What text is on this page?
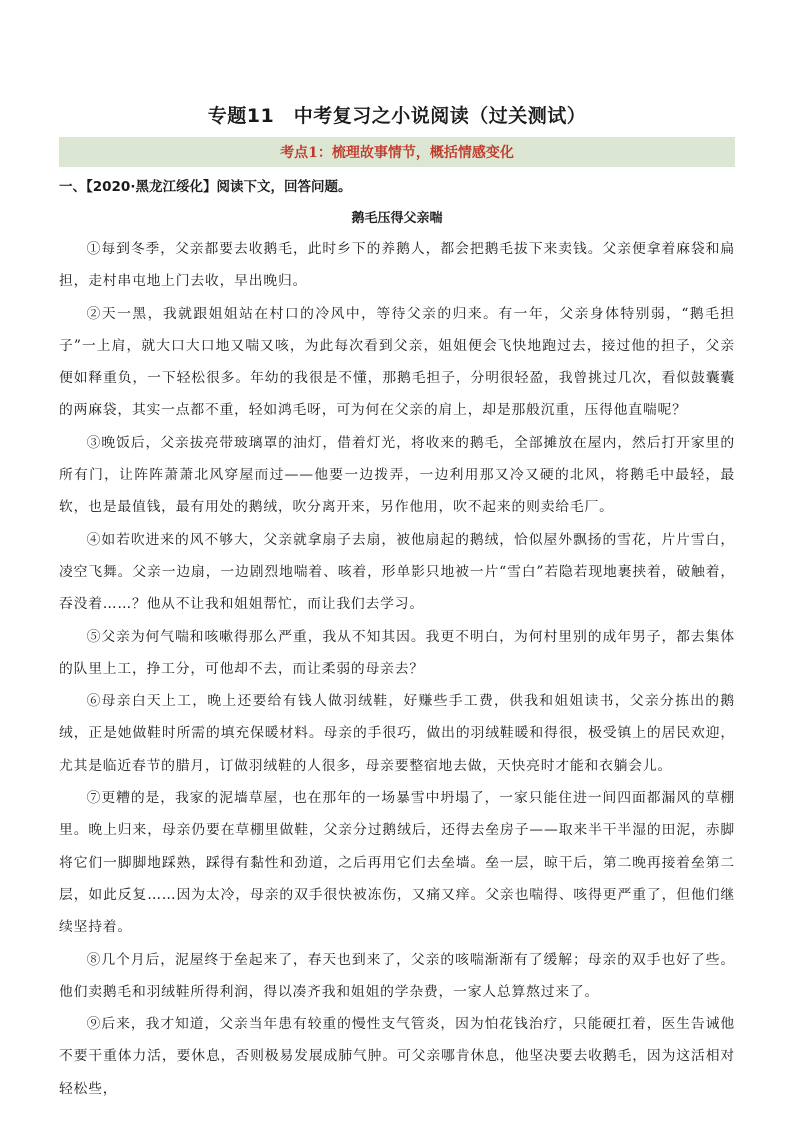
专题11　中考复习之小说阅读（过关测试）
考点1：梳理故事情节，概括情感变化
一、【2020·黑龙江绥化】阅读下文，回答问题。
鹅毛压得父亲喘

①每到冬季，父亲都要去收鹅毛，此时乡下的养鹅人，都会把鹅毛拔下来卖钱。父亲便拿着麻袋和扁担，走村串屯地上门去收，早出晚归。

②天一黑，我就跟姐姐站在村口的冷风中，等待父亲的归来。有一年，父亲身体特别弱，“鹅毛担子”一上肩，就大口大口地又喘又咳，为此每次看到父亲，姐姐便会飞快地跑过去，接过他的担子，父亲便如释重负，一下轻松很多。年幼的我很是不懂，那鹅毛担子，分明很轻盈，我曾挑过几次，看似鼓囊囊的两麻袋，其实一点都不重，轻如鸿毛呀，可为何在父亲的肩上，却是那般沉重，压得他直喘呢？

③晚饭后，父亲拔亮带玻璃罩的油灯，借着灯光，将收来的鹅毛，全部摊放在屋内，然后打开家里的所有门，让阵阵萧萧北风穿屋而过——他要一边拨弄，一边利用那又冷又硬的北风，将鹅毛中最轻，最软，也是最值钱，最有用处的鹅绒，吹分离开来，另作他用，吹不起来的则卖给毛厂。

④如若吹进来的风不够大，父亲就拿扇子去扇，被他扇起的鹅绒，恰似屋外飘扬的雪花，片片雪白，凌空飞舞。父亲一边扇，一边剧烈地喘着、咳着，形单影只地被一片“雪白”若隐若现地裹挟着，破触着，吞没着……？他从不让我和姐姐帮忙，而让我们去学习。

⑤父亲为何气喘和咳嗽得那么严重，我从不知其因。我更不明白，为何村里别的成年男子，都去集体的队里上工，挣工分，可他却不去，而让柔弱的母亲去？

⑥母亲白天上工，晚上还要给有钱人做羽绒鞋，好赚些手工费，供我和姐姐读书，父亲分拣出的鹅绒，正是她做鞋时所需的填充保暖材料。母亲的手很巧，做出的羽绒鞋暖和得很，极受镇上的居民欢迎，尤其是临近春节的腊月，订做羽绒鞋的人很多，母亲要整宿地去做，天快亮时才能和衣躺会儿。

⑦更糟的是，我家的泥墙草屋，也在那年的一场暴雪中坍塌了，一家只能住进一间四面都漏风的草棚里。晚上归来，母亲仍要在草棚里做鞋，父亲分过鹅绒后，还得去垒房子——取来半干半湿的田泥，赤脚将它们一脚脚地踩熟，踩得有黏性和劲道，之后再用它们去垒墙。垒一层，晾干后，第二晚再接着垒第二层，如此反复……因为太冷，母亲的双手很快被冻伤，又痛又痒。父亲也喘得、咳得更严重了，但他们继续坚持着。

⑧几个月后，泥屋终于垒起来了，春天也到来了，父亲的咳喘渐渐有了缓解；母亲的双手也好了些。他们卖鹅毛和羽绒鞋所得利润，得以凑齐我和姐姐的学杂费，一家人总算熬过来了。

⑨后来，我才知道，父亲当年患有较重的慢性支气管炎，因为怕花钱治疗，只能硬扛着，医生告诫他不要干重体力活，要休息，否则极易发展成肺气肿。可父亲哪肯休息，他坚决要去收鹅毛，因为这活相对轻松些，
